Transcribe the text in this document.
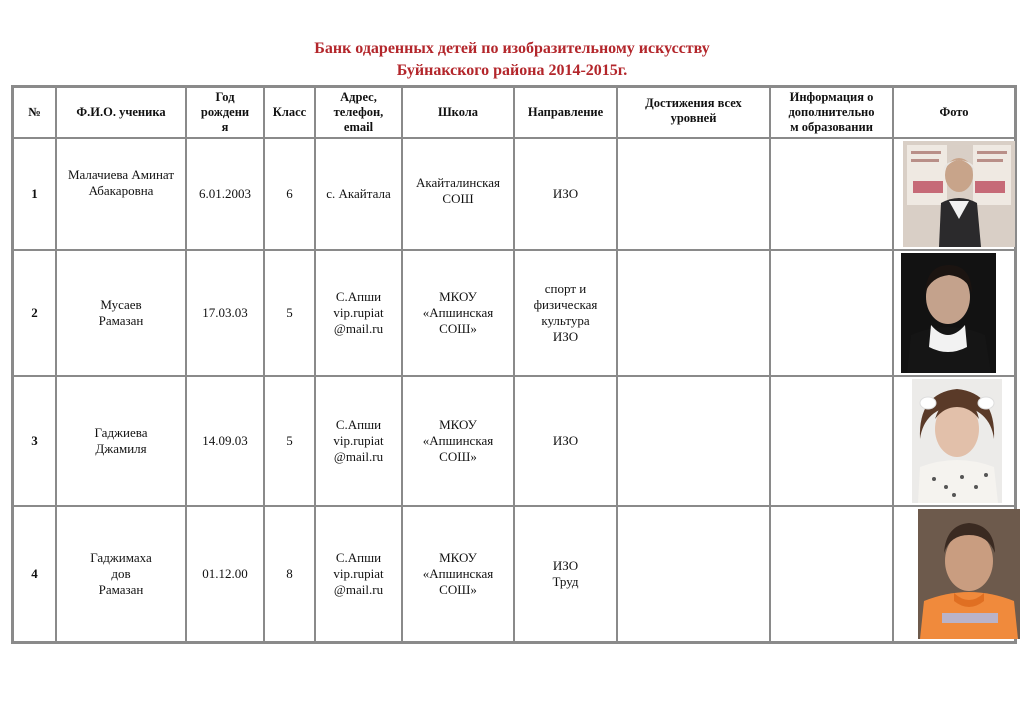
Банк одаренных детей по изобразительному искусству
Буйнакского района 2014-2015г.
№	Ф.И.О. ученика	Год
рождени
я	Класс	Адрес,
телефон,
email	Школа	Направление	Достижения всех
уровней	Информация о
дополнительно
м образовании	Фото
1	Малачиева Аминат
Абакаровна	6.01.2003	6	с. Акайтала	Акайталинская
СОШ	ИЗО			

2	Мусаев
Рамазан	17.03.03	5	С.Апши
vip.rupiat
@mail.ru	МКОУ
«Апшинская
СОШ»	спорт и
физическая
культура
ИЗО			

3	Гаджиева
Джамиля	14.09.03	5	С.Апши
vip.rupiat
@mail.ru	МКОУ
«Апшинская
СОШ»	ИЗО			

4	Гаджимаха
дов
Рамазан	01.12.00	8	С.Апши
vip.rupiat
@mail.ru	МКОУ
«Апшинская
СОШ»	ИЗО
Труд			
